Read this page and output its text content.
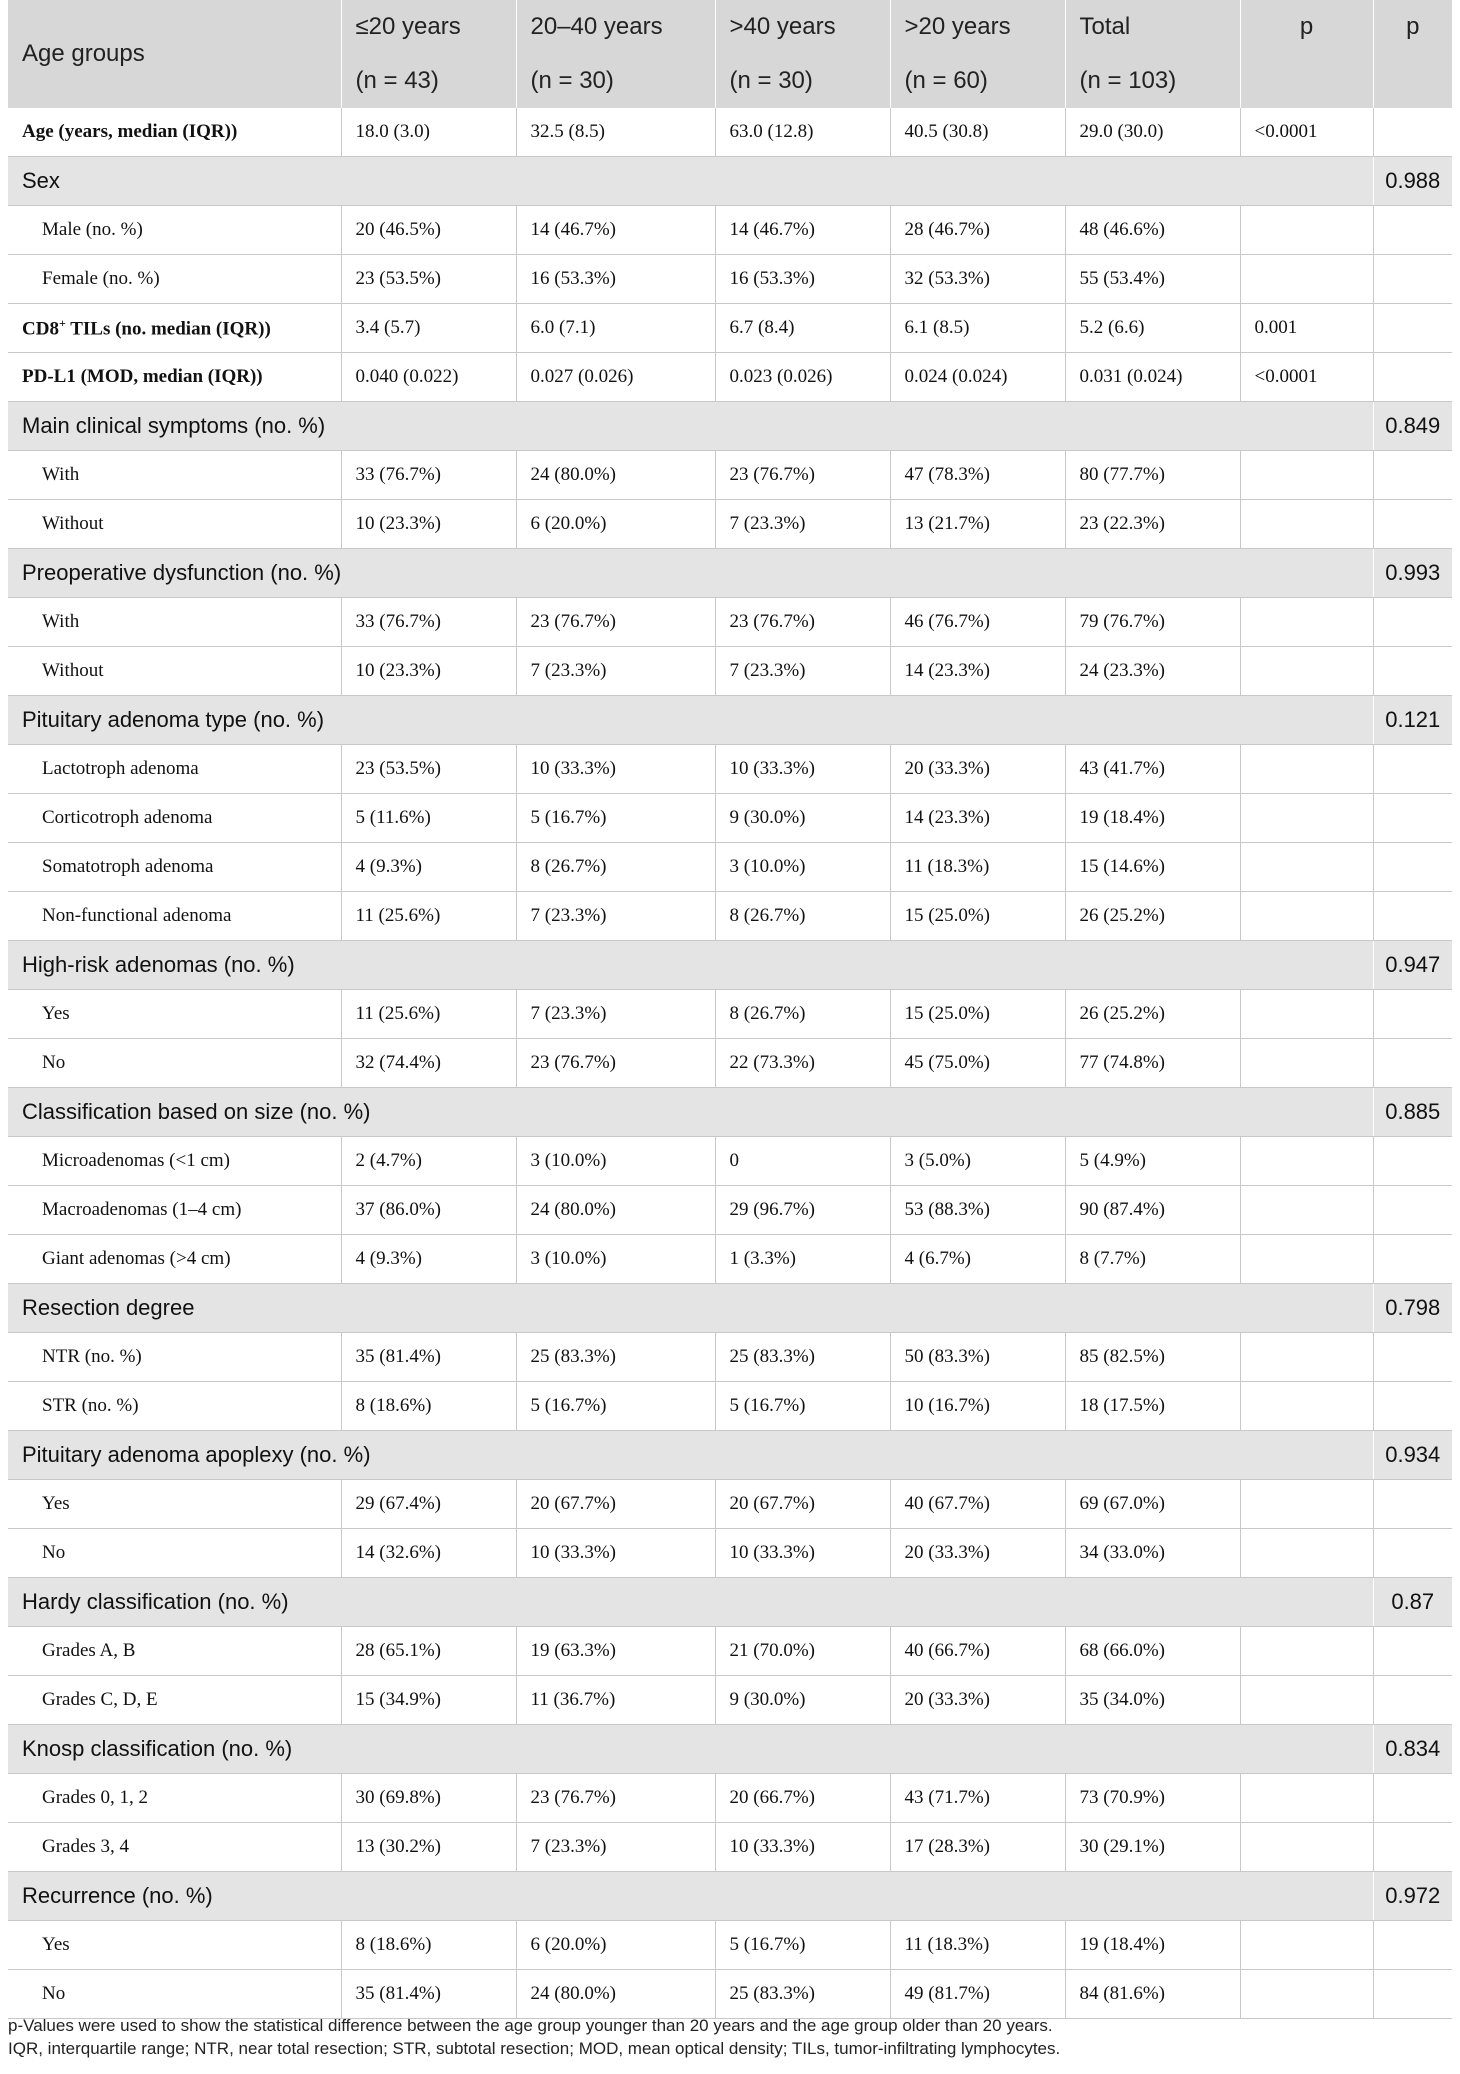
Age groups	≤20 years	20–40 years	>40 years	>20 years	Total	p	p
	(n = 43)	(n = 30)	(n = 30)	(n = 60)	(n = 103)		
Age (years, median (IQR))	18.0 (3.0)	32.5 (8.5)	63.0 (12.8)	40.5 (30.8)	29.0 (30.0)	<0.0001	
Sex							0.988
Male (no. %)	20 (46.5%)	14 (46.7%)	14 (46.7%)	28 (46.7%)	48 (46.6%)		
Female (no. %)	23 (53.5%)	16 (53.3%)	16 (53.3%)	32 (53.3%)	55 (53.4%)		
CD8+ TILs (no. median (IQR))	3.4 (5.7)	6.0 (7.1)	6.7 (8.4)	6.1 (8.5)	5.2 (6.6)	0.001	
PD-L1 (MOD, median (IQR))	0.040 (0.022)	0.027 (0.026)	0.023 (0.026)	0.024 (0.024)	0.031 (0.024)	<0.0001	
Main clinical symptoms (no. %)							0.849
With	33 (76.7%)	24 (80.0%)	23 (76.7%)	47 (78.3%)	80 (77.7%)		
Without	10 (23.3%)	6 (20.0%)	7 (23.3%)	13 (21.7%)	23 (22.3%)		
Preoperative dysfunction (no. %)							0.993
With	33 (76.7%)	23 (76.7%)	23 (76.7%)	46 (76.7%)	79 (76.7%)		
Without	10 (23.3%)	7 (23.3%)	7 (23.3%)	14 (23.3%)	24 (23.3%)		
Pituitary adenoma type (no. %)							0.121
Lactotroph adenoma	23 (53.5%)	10 (33.3%)	10 (33.3%)	20 (33.3%)	43 (41.7%)		
Corticotroph adenoma	5 (11.6%)	5 (16.7%)	9 (30.0%)	14 (23.3%)	19 (18.4%)		
Somatotroph adenoma	4 (9.3%)	8 (26.7%)	3 (10.0%)	11 (18.3%)	15 (14.6%)		
Non-functional adenoma	11 (25.6%)	7 (23.3%)	8 (26.7%)	15 (25.0%)	26 (25.2%)		
High-risk adenomas (no. %)							0.947
Yes	11 (25.6%)	7 (23.3%)	8 (26.7%)	15 (25.0%)	26 (25.2%)		
No	32 (74.4%)	23 (76.7%)	22 (73.3%)	45 (75.0%)	77 (74.8%)		
Classification based on size (no. %)							0.885
Microadenomas (<1 cm)	2 (4.7%)	3 (10.0%)	0	3 (5.0%)	5 (4.9%)		
Macroadenomas (1–4 cm)	37 (86.0%)	24 (80.0%)	29 (96.7%)	53 (88.3%)	90 (87.4%)		
Giant adenomas (>4 cm)	4 (9.3%)	3 (10.0%)	1 (3.3%)	4 (6.7%)	8 (7.7%)		
Resection degree							0.798
NTR (no. %)	35 (81.4%)	25 (83.3%)	25 (83.3%)	50 (83.3%)	85 (82.5%)		
STR (no. %)	8 (18.6%)	5 (16.7%)	5 (16.7%)	10 (16.7%)	18 (17.5%)		
Pituitary adenoma apoplexy (no. %)							0.934
Yes	29 (67.4%)	20 (67.7%)	20 (67.7%)	40 (67.7%)	69 (67.0%)		
No	14 (32.6%)	10 (33.3%)	10 (33.3%)	20 (33.3%)	34 (33.0%)		
Hardy classification (no. %)							0.87
Grades A, B	28 (65.1%)	19 (63.3%)	21 (70.0%)	40 (66.7%)	68 (66.0%)		
Grades C, D, E	15 (34.9%)	11 (36.7%)	9 (30.0%)	20 (33.3%)	35 (34.0%)		
Knosp classification (no. %)							0.834
Grades 0, 1, 2	30 (69.8%)	23 (76.7%)	20 (66.7%)	43 (71.7%)	73 (70.9%)		
Grades 3, 4	13 (30.2%)	7 (23.3%)	10 (33.3%)	17 (28.3%)	30 (29.1%)		
Recurrence (no. %)							0.972
Yes	8 (18.6%)	6 (20.0%)	5 (16.7%)	11 (18.3%)	19 (18.4%)		
No	35 (81.4%)	24 (80.0%)	25 (83.3%)	49 (81.7%)	84 (81.6%)		
p-Values were used to show the statistical difference between the age group younger than 20 years and the age group older than 20 years.
IQR, interquartile range; NTR, near total resection; STR, subtotal resection; MOD, mean optical density; TILs, tumor-infiltrating lymphocytes.
